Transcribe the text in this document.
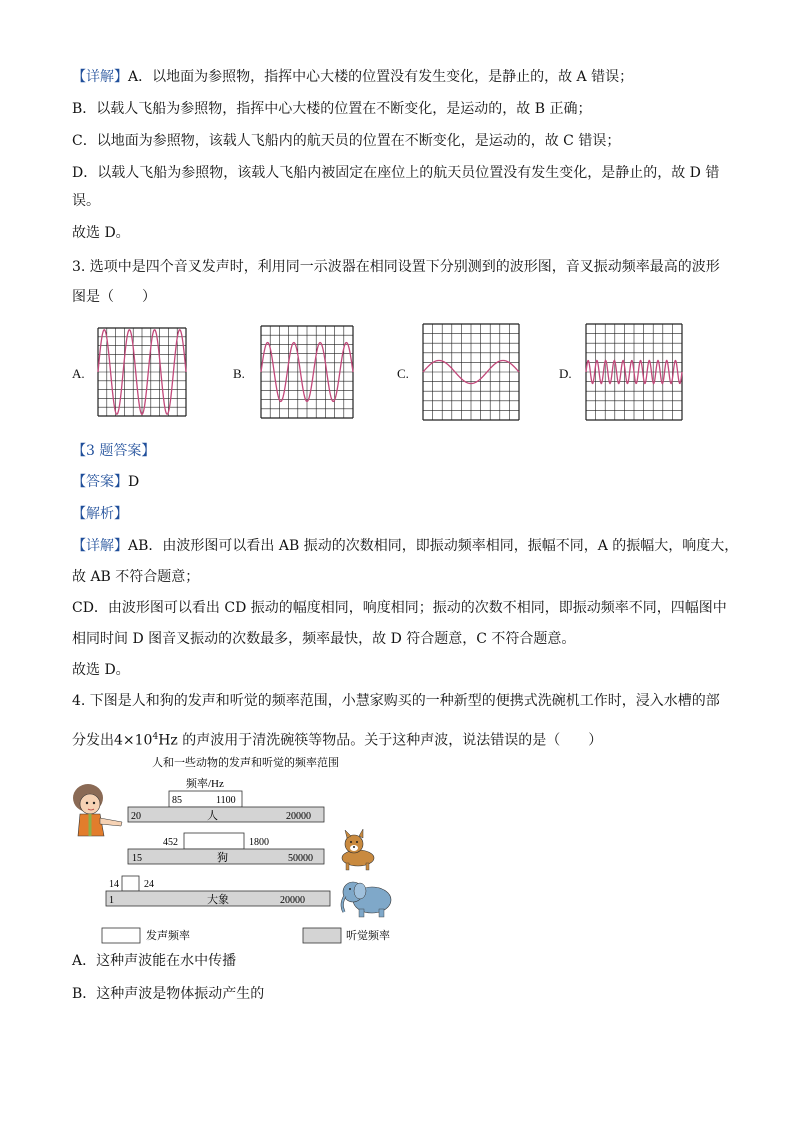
【详解】A．以地面为参照物，指挥中心大楼的位置没有发生变化，是静止的，故 A 错误；
B．以载人飞船为参照物，指挥中心大楼的位置在不断变化，是运动的，故 B 正确；
C．以地面为参照物，该载人飞船内的航天员的位置在不断变化，是运动的，故 C 错误；
D．以载人飞船为参照物，该载人飞船内被固定在座位上的航天员位置没有发生变化，是静止的，故 D 错
误。
故选 D。
3. 选项中是四个音叉发声时，利用同一示波器在相同设置下分别测到的波形图，音叉振动频率最高的波形
图是（　　）
A.	B.	C.	D.
【3 题答案】
【答案】D
【解析】
【详解】AB．由波形图可以看出 AB 振动的次数相同，即振动频率相同，振幅不同，A 的振幅大，响度大，
故 AB 不符合题意；
CD．由波形图可以看出 CD 振动的幅度相同，响度相同；振动的次数不相同，即振动频率不同，四幅图中
相同时间 D 图音叉振动的次数最多，频率最快，故 D 符合题意，C 不符合题意。
故选 D。
4. 下图是人和狗的发声和听觉的频率范围，小慧家购买的一种新型的便携式洗碗机工作时，浸入水槽的部
分发出$4\times 10^4Hz$ 的声波用于清洗碗筷等物品。关于这种声波，说法错误的是（　　）
人和一些动物的发声和听觉的频率范围
频率/Hz
85	1100
20	人	20000
452	1800
15	狗	50000
14	24
1	大象	20000
发声频率	听觉频率
A．这种声波能在水中传播
B．这种声波是物体振动产生的
